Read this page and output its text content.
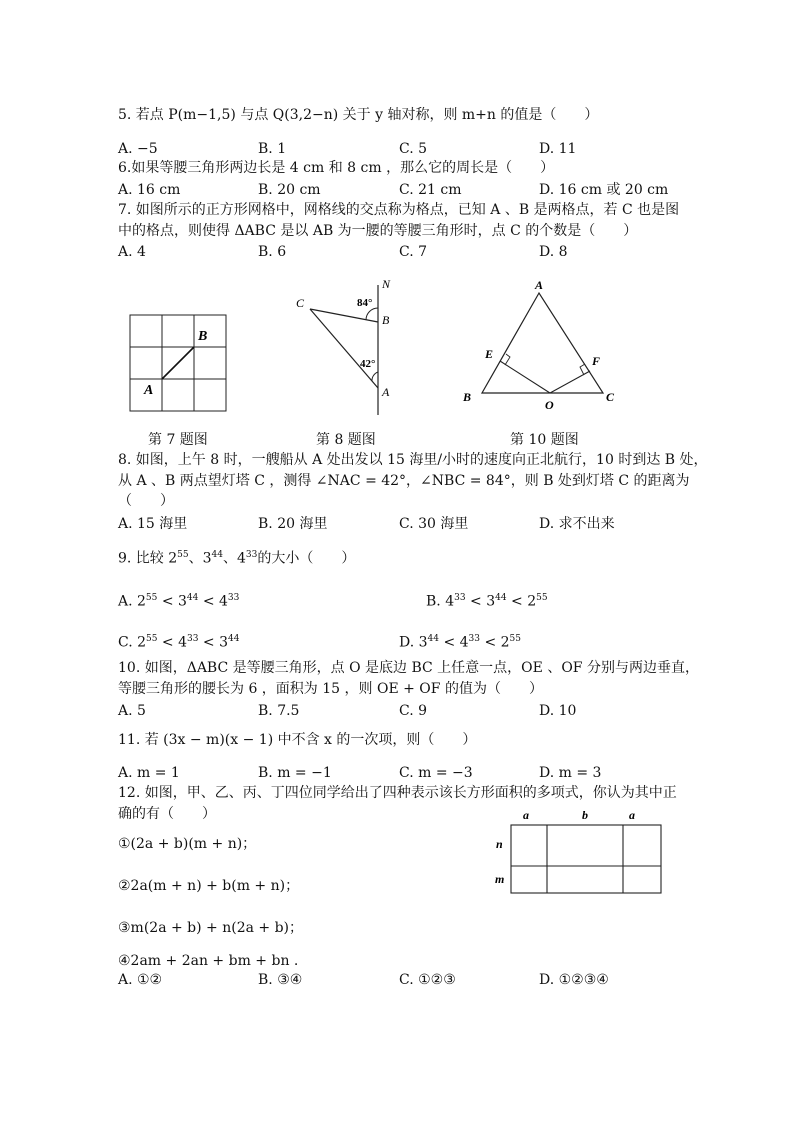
5. 若点 P(m−1,5) 与点 Q(3,2−n) 关于 y 轴对称，则 m+n 的值是（　　）
A. −5	B. 1	C. 5	D. 11
6.如果等腰三角形两边长是 4 cm 和 8 cm ，那么它的周长是（　　）
A. 16 cm	B. 20 cm	C. 21 cm	D. 16 cm 或 20 cm
7. 如图所示的正方形网格中，网格线的交点称为格点，已知 A 、B 是两格点，若 C 也是图
中的格点，则使得 ΔABC 是以 AB 为一腰的等腰三角形时，点 C 的个数是（　　）
A. 4	B. 6	C. 7	D. 8
B
A
第 7 题图
N
C
B
A
84°
42°
第 8 题图
A
B	C
E	F
O
第 10 题图
8. 如图，上午 8 时，一艘船从 A 处出发以 15 海里/小时的速度向正北航行，10 时到达 B 处，
从 A 、B 两点望灯塔 C ，测得 ∠NAC = 42°，∠NBC = 84°，则 B 处到灯塔 C 的距离为
（　　）
A. 15 海里	B. 20 海里	C. 30 海里	D. 求不出来
9. 比较 $2^{55}$、$3^{44}$、$4^{33}$的大小（　　）
A. $2^{55} < 3^{44} < 4^{33}$	B. $4^{33} < 3^{44} < 2^{55}$
C. $2^{55} < 4^{33} < 3^{44}$	D. $3^{44} < 4^{33} < 2^{55}$
10. 如图，ΔABC 是等腰三角形，点 O 是底边 BC 上任意一点，OE 、OF 分别与两边垂直，
等腰三角形的腰长为 6 ，面积为 15 ，则 OE + OF 的值为（　　）
A. 5	B. 7.5	C. 9	D. 10
11. 若 (3x − m)(x − 1) 中不含 x 的一次项，则（　　）
A. m = 1	B. m = −1	C. m = −3	D. m = 3
12. 如图，甲、乙、丙、丁四位同学给出了四种表示该长方形面积的多项式，你认为其中正
确的有（　　）
①(2a + b)(m + n)；
②2a(m + n) + b(m + n)；
③m(2a + b) + n(2a + b)；
④2am + 2an + bm + bn .
A. ①②	B. ③④	C. ①②③	D. ①②③④
a	b	a
n
m
